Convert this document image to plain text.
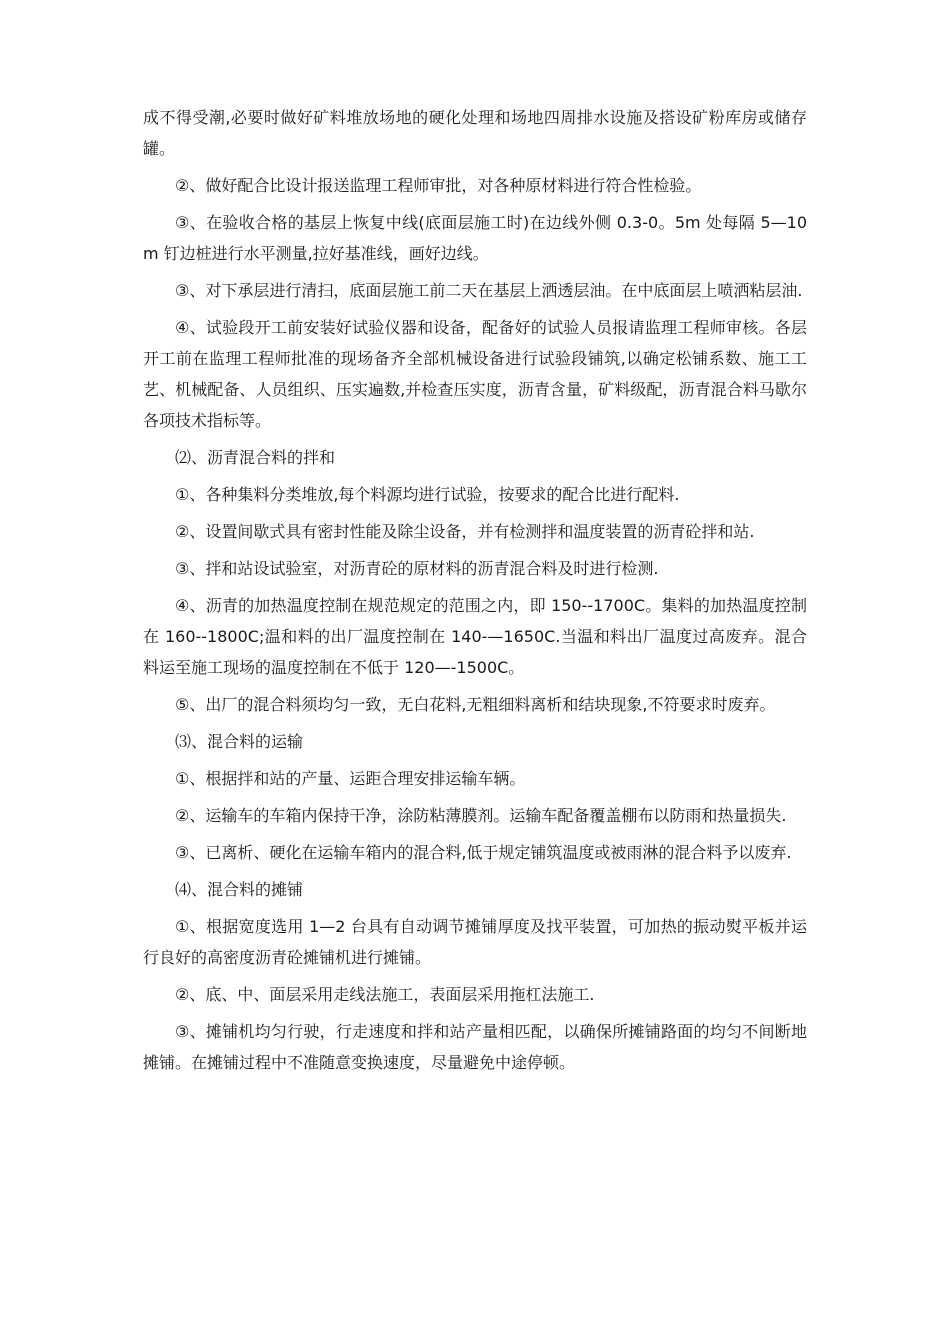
成不得受潮,必要时做好矿料堆放场地的硬化处理和场地四周排水设施及搭设矿粉库房或储存罐。

②、做好配合比设计报送监理工程师审批，对各种原材料进行符合性检验。

③、在验收合格的基层上恢复中线(底面层施工时)在边线外侧 0.3-0。5m 处每隔 5—10m 钉边桩进行水平测量,拉好基准线，画好边线。

③、对下承层进行清扫，底面层施工前二天在基层上洒透层油。在中底面层上喷洒粘层油.

④、试验段开工前安装好试验仪器和设备，配备好的试验人员报请监理工程师审核。各层开工前在监理工程师批准的现场备齐全部机械设备进行试验段铺筑,以确定松铺系数、施工工艺、机械配备、人员组织、压实遍数,并检查压实度，沥青含量，矿料级配，沥青混合料马歇尔各项技术指标等。

⑵、沥青混合料的拌和

①、各种集料分类堆放,每个料源均进行试验，按要求的配合比进行配料.

②、设置间歇式具有密封性能及除尘设备，并有检测拌和温度装置的沥青砼拌和站.

③、拌和站设试验室，对沥青砼的原材料的沥青混合料及时进行检测.

④、沥青的加热温度控制在规范规定的范围之内，即 150--1700C。集料的加热温度控制在 160--1800C;温和料的出厂温度控制在 140-—1650C.当温和料出厂温度过高废弃。混合料运至施工现场的温度控制在不低于 120—-1500C。

⑤、出厂的混合料须均匀一致，无白花料,无粗细料离析和结块现象,不符要求时废弃。

⑶、混合料的运输

①、根据拌和站的产量、运距合理安排运输车辆。

②、运输车的车箱内保持干净，涂防粘薄膜剂。运输车配备覆盖棚布以防雨和热量损失.

③、已离析、硬化在运输车箱内的混合料,低于规定铺筑温度或被雨淋的混合料予以废弃.

⑷、混合料的摊铺

①、根据宽度选用 1—2 台具有自动调节摊铺厚度及找平装置，可加热的振动熨平板并运行良好的高密度沥青砼摊铺机进行摊铺。

②、底、中、面层采用走线法施工，表面层采用拖杠法施工.

③、摊铺机均匀行驶，行走速度和拌和站产量相匹配，以确保所摊铺路面的均匀不间断地摊铺。在摊铺过程中不准随意变换速度，尽量避免中途停顿。
